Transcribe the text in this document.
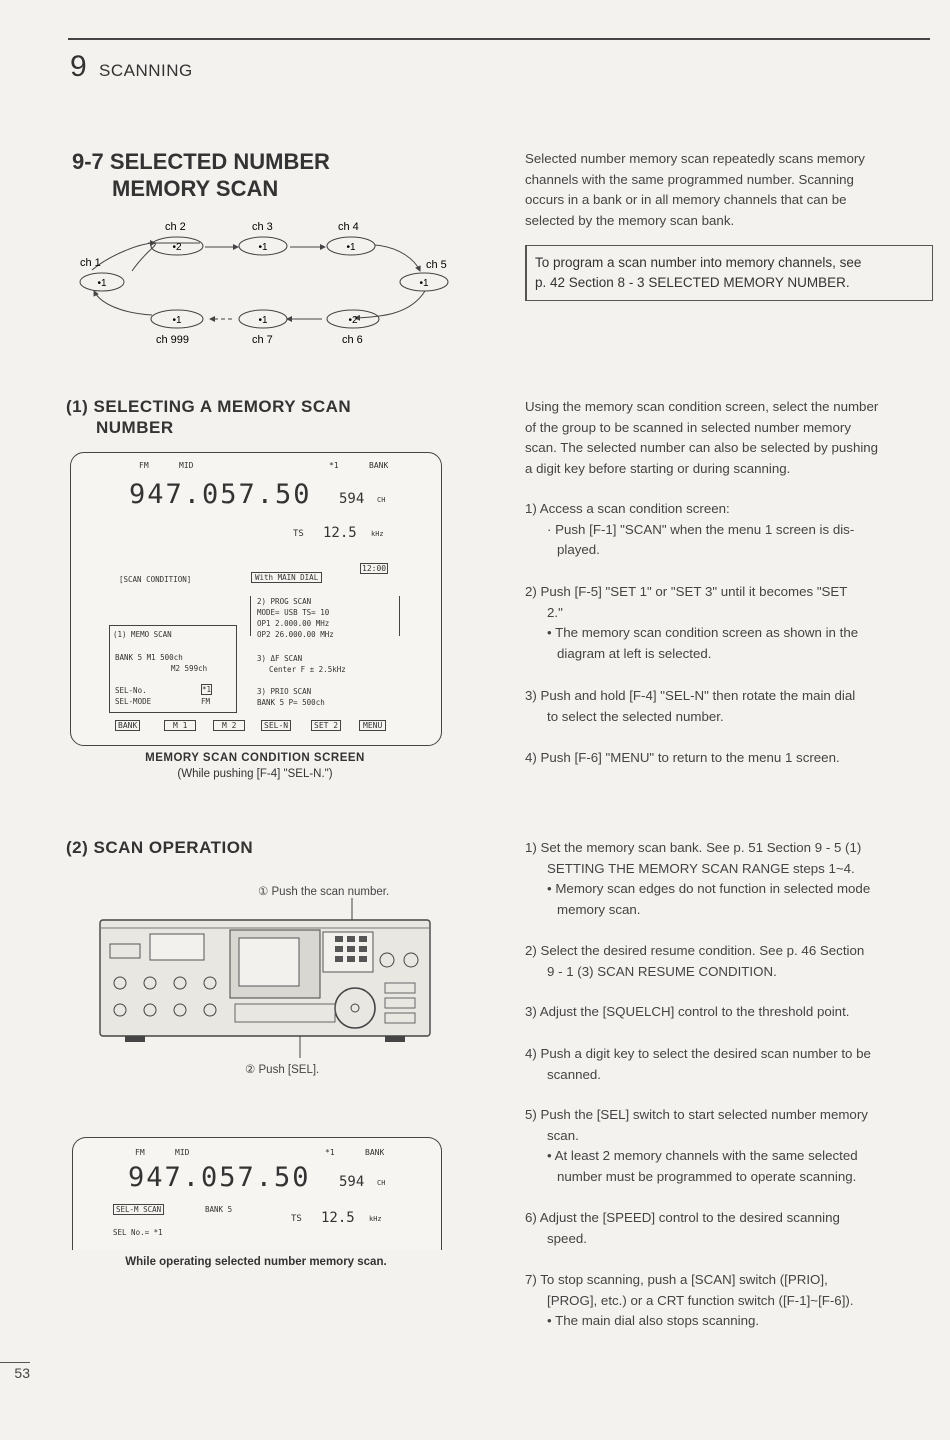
9 SCANNING
9-7 SELECTED NUMBER
MEMORY SCAN

Selected number memory scan repeatedly scans memory

channels with the same programmed number. Scanning

occurs in a bank or in all memory channels that can be

selected by the memory scan bank.

To program a scan number into memory channels, see
p. 42 Section 8 - 3 SELECTED MEMORY NUMBER.
•1
ch 1
•2
ch 2
•1
ch 3
•1
ch 4
•1
ch 5
•2
ch 6
•1
ch 7
•1
ch 999
(1) SELECTING A MEMORY SCAN
NUMBER

Using the memory scan condition screen, select the number

of the group to be scanned in selected number memory

scan. The selected number can also be selected by pushing

a digit key before starting or during scanning.

1) Access a scan condition screen:
· Push [F-1] "SCAN" when the menu 1 screen is dis-
played.
2) Push [F-5] "SET 1" or "SET 3" until it becomes "SET
2."
• The memory scan condition screen as shown in the
diagram at left is selected.
3) Push and hold [F-4] "SEL-N" then rotate the main dial
to select the selected number.
4) Push [F-6] "MENU" to return to the menu 1 screen.
FM	MID	*1	BANK
947.057.50 594 CH
TS 12.5 kHz
12:00
[SCAN CONDITION]	With MAIN DIAL
(1) MEMO SCAN
BANK 5 M1 500ch
M2 599ch
SEL-No.	*1
SEL-MODE	FM
2) PROG SCAN
MODE= USB TS= 10
OP1 2.000.00 MHz
OP2 26.000.00 MHz
3) ΔF SCAN
Center F ± 2.5kHz
3) PRIO SCAN
BANK 5 P= 500ch
BANK	M 1	M 2	SEL-N	SET 2	MENU
MEMORY SCAN CONDITION SCREEN
(While pushing [F-4] "SEL-N.")
(2) SCAN OPERATION
① Push the scan number.
② Push [SEL].
1) Set the memory scan bank. See p. 51 Section 9 - 5 (1)
SETTING THE MEMORY SCAN RANGE steps 1~4.
• Memory scan edges do not function in selected mode
memory scan.
2) Select the desired resume condition. See p. 46 Section
9 - 1 (3) SCAN RESUME CONDITION.
3) Adjust the [SQUELCH] control to the threshold point.
4) Push a digit key to select the desired scan number to be
scanned.
5) Push the [SEL] switch to start selected number memory
scan.
• At least 2 memory channels with the same selected
number must be programmed to operate scanning.
6) Adjust the [SPEED] control to the desired scanning
speed.
7) To stop scanning, push a [SCAN] switch ([PRIO],
[PROG], etc.) or a CRT function switch ([F-1]~[F-6]).
• The main dial also stops scanning.
FM	MID	*1	BANK
947.057.50 594 CH
SEL-M SCAN	BANK 5
TS 12.5 kHz
SEL No.= *1
While operating selected number memory scan.
53
